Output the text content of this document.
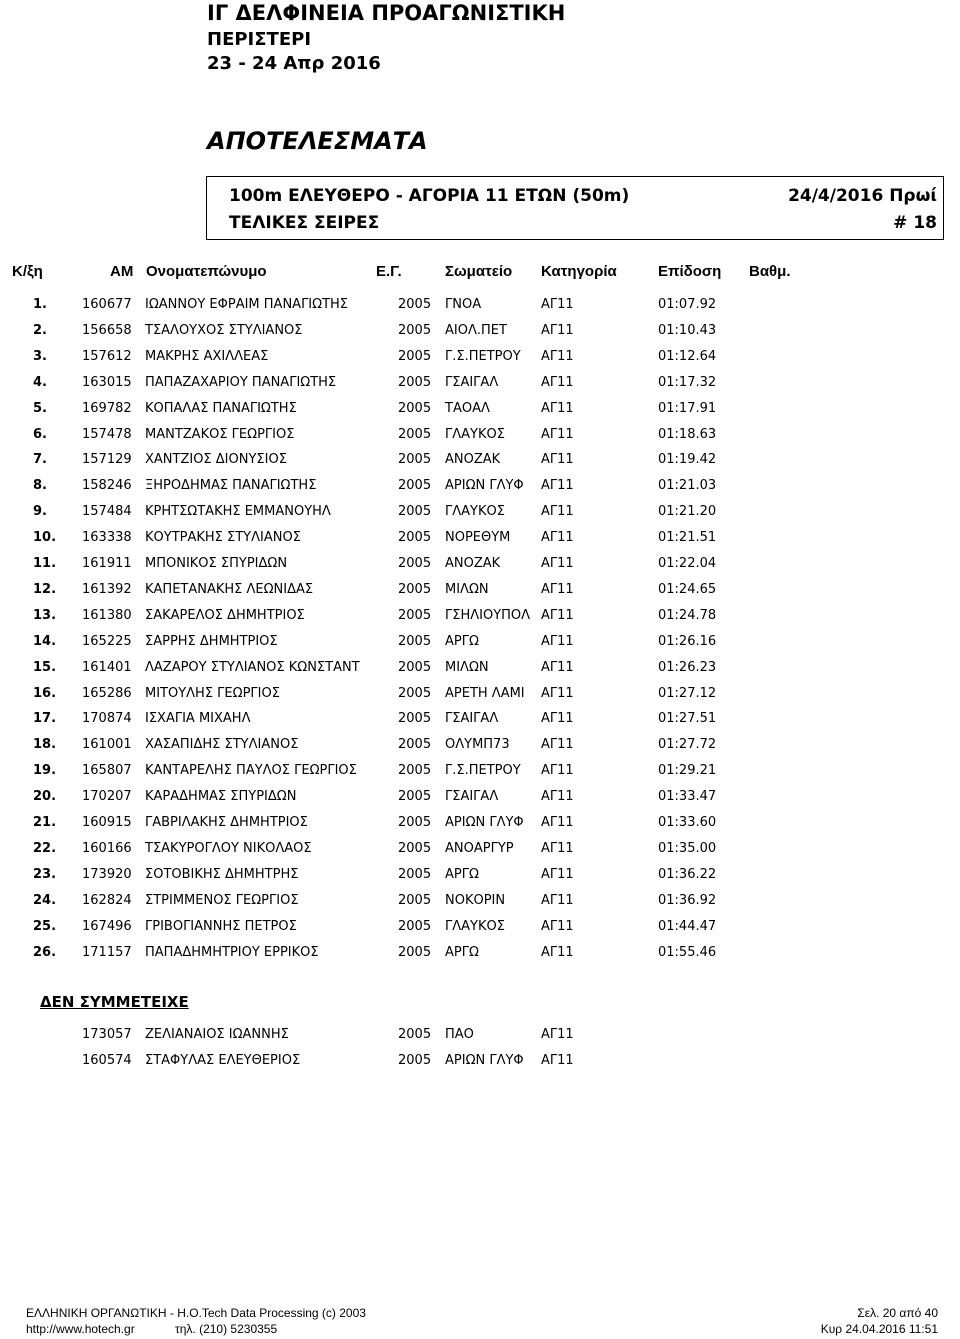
ΙΓ ΔΕΛΦΙΝΕΙΑ ΠΡΟΑΓΩΝΙΣΤΙΚΗ
ΠΕΡΙΣΤΕΡΙ
23 - 24 Απρ 2016
ΑΠΟΤΕΛΕΣΜΑΤΑ
100m ΕΛΕΥΘΕΡΟ - ΑΓΟΡΙΑ 11 ΕΤΩΝ (50m)	24/4/2016 Πρωί
ΤΕΛΙΚΕΣ ΣΕΙΡΕΣ	# 18
Κ/ξη	ΑΜ Ονοματεπώνυμο	Ε.Γ.	Σωματείο Κατηγορία	Επίδοση Βαθμ.
1.	160677 ΙΩΑΝΝΟΥ ΕΦΡΑΙΜ ΠΑΝΑΓΙΩΤΗΣ	2005 ΓΝΟΑ	ΑΓ11	01:07.92
2.	156658 ΤΣΑΛΟΥΧΟΣ ΣΤΥΛΙΑΝΟΣ	2005 ΑΙΟΛ.ΠΕΤ	ΑΓ11	01:10.43
3.	157612 ΜΑΚΡΗΣ ΑΧΙΛΛΕΑΣ	2005 Γ.Σ.ΠΕΤΡΟΥ ΑΓ11	01:12.64
4.	163015 ΠΑΠΑΖΑΧΑΡΙΟΥ ΠΑΝΑΓΙΩΤΗΣ	2005 ΓΣΑΙΓΑΛ	ΑΓ11	01:17.32
5.	169782 ΚΟΠΑΛΑΣ ΠΑΝΑΓΙΩΤΗΣ	2005 ΤΑΟΑΛ	ΑΓ11	01:17.91
6.	157478 ΜΑΝΤΖΑΚΟΣ ΓΕΩΡΓΙΟΣ	2005 ΓΛΑΥΚΟΣ	ΑΓ11	01:18.63
7.	157129 ΧΑΝΤΖΙΟΣ ΔΙΟΝΥΣΙΟΣ	2005 ΑΝΟΖΑΚ	ΑΓ11	01:19.42
8.	158246 ΞΗΡΟΔΗΜΑΣ ΠΑΝΑΓΙΩΤΗΣ	2005 ΑΡΙΩΝ ΓΛΥΦ ΑΓ11	01:21.03
9.	157484 ΚΡΗΤΣΩΤΑΚΗΣ ΕΜΜΑΝΟΥΗΛ	2005 ΓΛΑΥΚΟΣ	ΑΓ11	01:21.20
10. 163338 ΚΟΥΤΡΑΚΗΣ ΣΤΥΛΙΑΝΟΣ	2005 ΝΟΡΕΘΥΜ ΑΓ11	01:21.51
11. 161911 ΜΠΟΝΙΚΟΣ ΣΠΥΡΙΔΩΝ	2005 ΑΝΟΖΑΚ	ΑΓ11	01:22.04
12. 161392 ΚΑΠΕΤΑΝΑΚΗΣ ΛΕΩΝΙΔΑΣ	2005 ΜΙΛΩΝ	ΑΓ11	01:24.65
13. 161380 ΣΑΚΑΡΕΛΟΣ ΔΗΜΗΤΡΙΟΣ	2005 ΓΣΗΛΙΟΥΠΟΛ ΑΓ11	01:24.78
14. 165225 ΣΑΡΡΗΣ ΔΗΜΗΤΡΙΟΣ	2005 ΑΡΓΩ	ΑΓ11	01:26.16
15. 161401 ΛΑΖΑΡΟΥ ΣΤΥΛΙΑΝΟΣ ΚΩΝΣΤΑΝΤ	2005 ΜΙΛΩΝ	ΑΓ11	01:26.23
16. 165286 ΜΙΤΟΥΛΗΣ ΓΕΩΡΓΙΟΣ	2005 ΑΡΕΤΗ ΛΑΜΙ ΑΓ11	01:27.12
17. 170874 ΙΣΧΑΓΙΑ ΜΙΧΑΗΛ	2005 ΓΣΑΙΓΑΛ	ΑΓ11	01:27.51
18. 161001 ΧΑΣΑΠΙΔΗΣ ΣΤΥΛΙΑΝΟΣ	2005 ΟΛΥΜΠ73 ΑΓ11	01:27.72
19. 165807 ΚΑΝΤΑΡΕΛΗΣ ΠΑΥΛΟΣ ΓΕΩΡΓΙΟΣ	2005 Γ.Σ.ΠΕΤΡΟΥ ΑΓ11	01:29.21
20. 170207 ΚΑΡΑΔΗΜΑΣ ΣΠΥΡΙΔΩΝ	2005 ΓΣΑΙΓΑΛ	ΑΓ11	01:33.47
21. 160915 ΓΑΒΡΙΛΑΚΗΣ ΔΗΜΗΤΡΙΟΣ	2005 ΑΡΙΩΝ ΓΛΥΦ ΑΓ11	01:33.60
22. 160166 ΤΣΑΚΥΡΟΓΛΟΥ ΝΙΚΟΛΑΟΣ	2005 ΑΝΟΑΡΓΥΡ ΑΓ11	01:35.00
23. 173920 ΣΟΤΟΒΙΚΗΣ ΔΗΜΗΤΡΗΣ	2005 ΑΡΓΩ	ΑΓ11	01:36.22
24. 162824 ΣΤΡΙΜΜΕΝΟΣ ΓΕΩΡΓΙΟΣ	2005 ΝΟΚΟΡΙΝ	ΑΓ11	01:36.92
25. 167496 ΓΡΙΒΟΓΙΑΝΝΗΣ ΠΕΤΡΟΣ	2005 ΓΛΑΥΚΟΣ	ΑΓ11	01:44.47
26. 171157 ΠΑΠΑΔΗΜΗΤΡΙΟΥ ΕΡΡΙΚΟΣ	2005 ΑΡΓΩ	ΑΓ11	01:55.46
ΔΕΝ ΣΥΜΜΕΤΕΙΧΕ
173057 ΖΕΛΙΑΝΑΙΟΣ ΙΩΑΝΝΗΣ	2005 ΠΑΟ	ΑΓ11
160574 ΣΤΑΦΥΛΑΣ ΕΛΕΥΘΕΡΙΟΣ	2005 ΑΡΙΩΝ ΓΛΥΦ ΑΓ11
ΕΛΛΗΝΙΚΗ ΟΡΓΑΝΩΤΙΚΗ - Η.Ο.Tech Data Processing (c) 2003
http://www.hotech.gr	τηλ. (210) 5230355
Σελ. 20 από 40
Κυρ 24.04.2016 11:51
